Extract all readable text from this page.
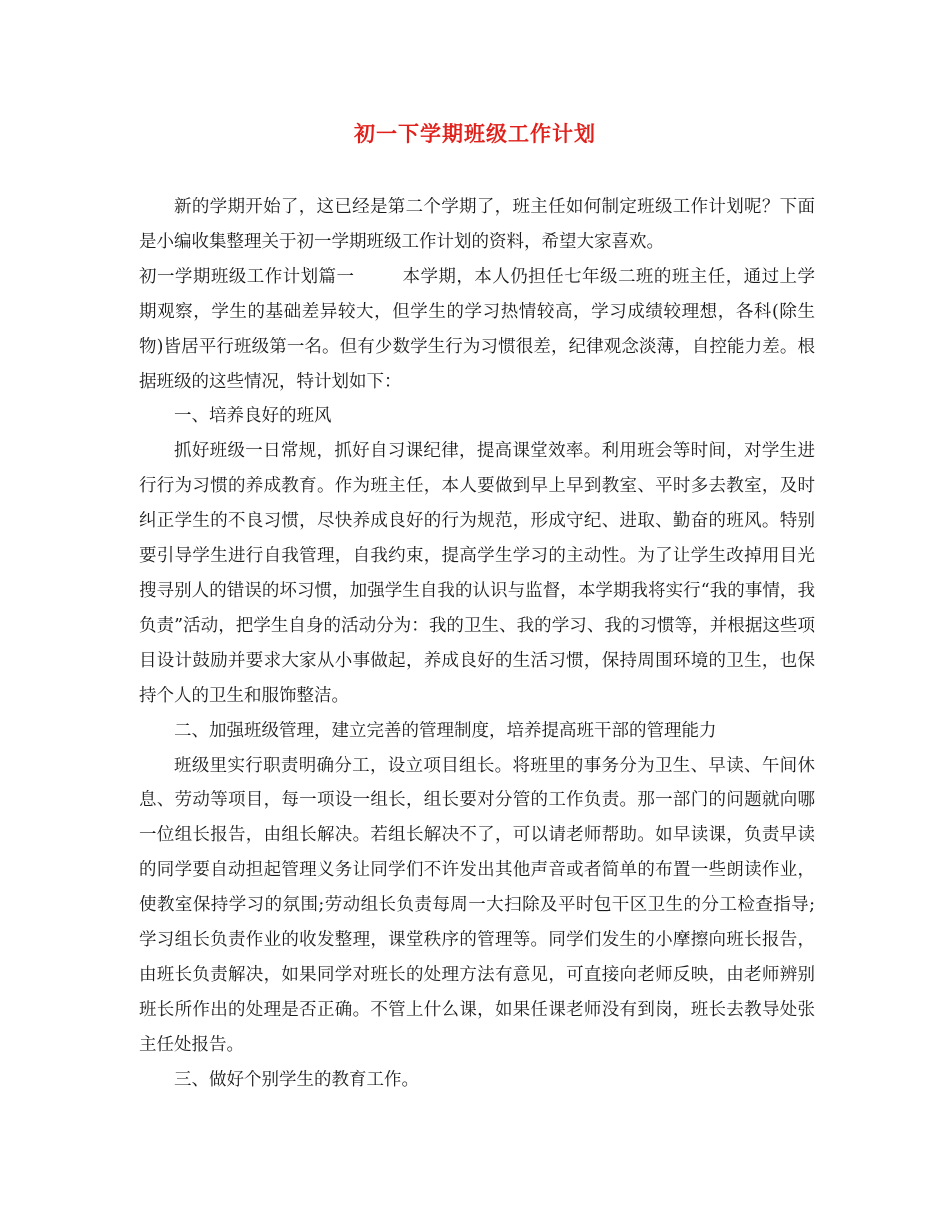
初一下学期班级工作计划

新的学期开始了，这已经是第二个学期了，班主任如何制定班级工作计划呢？下面是小编收集整理关于初一学期班级工作计划的资料，希望大家喜欢。

初一学期班级工作计划篇一	本学期，本人仍担任七年级二班的班主任，通过上学期观察，学生的基础差异较大，但学生的学习热情较高，学习成绩较理想，各科(除生物)皆居平行班级第一名。但有少数学生行为习惯很差，纪律观念淡薄，自控能力差。根据班级的这些情况，特计划如下：

一、培养良好的班风

抓好班级一日常规，抓好自习课纪律，提高课堂效率。利用班会等时间，对学生进行行为习惯的养成教育。作为班主任，本人要做到早上早到教室、平时多去教室，及时纠正学生的不良习惯，尽快养成良好的行为规范，形成守纪、进取、勤奋的班风。特别要引导学生进行自我管理，自我约束，提高学生学习的主动性。为了让学生改掉用目光搜寻别人的错误的坏习惯，加强学生自我的认识与监督，本学期我将实行“我的事情，我负责”活动，把学生自身的活动分为：我的卫生、我的学习、我的习惯等，并根据这些项目设计鼓励并要求大家从小事做起，养成良好的生活习惯，保持周围环境的卫生，也保持个人的卫生和服饰整洁。

二、加强班级管理，建立完善的管理制度，培养提高班干部的管理能力

班级里实行职责明确分工，设立项目组长。将班里的事务分为卫生、早读、午间休息、劳动等项目，每一项设一组长，组长要对分管的工作负责。那一部门的问题就向哪一位组长报告，由组长解决。若组长解决不了，可以请老师帮助。如早读课，负责早读的同学要自动担起管理义务让同学们不许发出其他声音或者简单的布置一些朗读作业，使教室保持学习的氛围;劳动组长负责每周一大扫除及平时包干区卫生的分工检查指导;学习组长负责作业的收发整理，课堂秩序的管理等。同学们发生的小摩擦向班长报告，由班长负责解决，如果同学对班长的处理方法有意见，可直接向老师反映，由老师辨别班长所作出的处理是否正确。不管上什么课，如果任课老师没有到岗，班长去教导处张主任处报告。

三、做好个别学生的教育工作。
